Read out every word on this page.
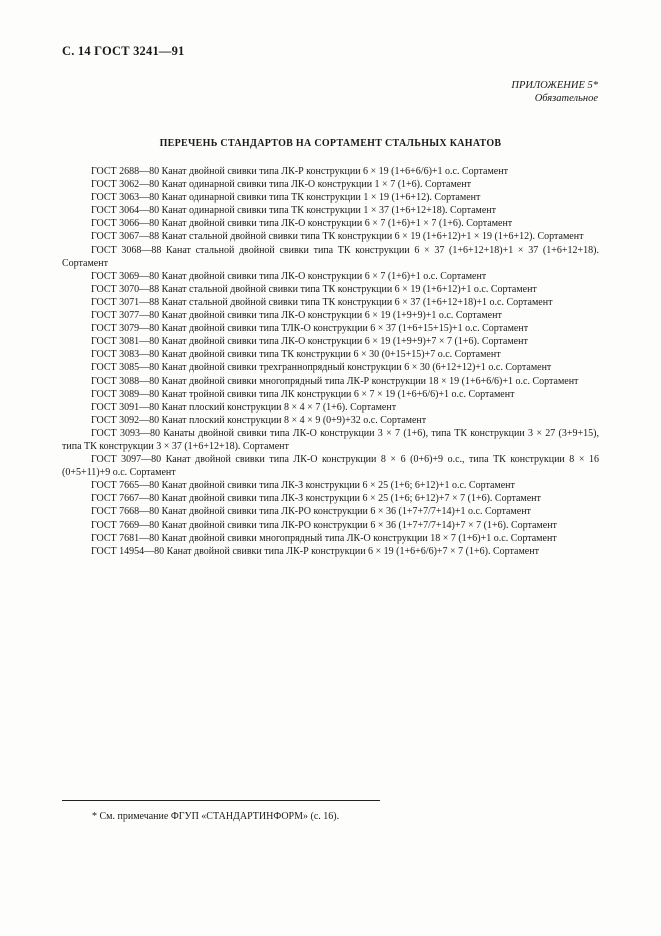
С. 14 ГОСТ 3241—91
ПРИЛОЖЕНИЕ 5*
Обязательное
ПЕРЕЧЕНЬ СТАНДАРТОВ НА СОРТАМЕНТ СТАЛЬНЫХ КАНАТОВ
ГОСТ 2688—80 Канат двойной свивки типа ЛК-Р конструкции 6 × 19 (1+6+6/6)+1 о.с. Сортамент
ГОСТ 3062—80 Канат одинарной свивки типа ЛК-О конструкции 1 × 7 (1+6). Сортамент
ГОСТ 3063—80 Канат одинарной свивки типа ТК конструкции 1 × 19 (1+6+12). Сортамент
ГОСТ 3064—80 Канат одинарной свивки типа ТК конструкции 1 × 37 (1+6+12+18). Сортамент
ГОСТ 3066—80 Канат двойной свивки типа ЛК-О конструкции 6 × 7 (1+6)+1 × 7 (1+6). Сортамент
ГОСТ 3067—88 Канат стальной двойной свивки типа ТК конструкции 6 × 19 (1+6+12)+1 × 19 (1+6+12). Сортамент
ГОСТ 3068—88 Канат стальной двойной свивки типа ТК конструкции 6 × 37 (1+6+12+18)+1 × 37 (1+6+12+18). Сортамент
ГОСТ 3069—80 Канат двойной свивки типа ЛК-О конструкции 6 × 7 (1+6)+1 о.с. Сортамент
ГОСТ 3070—88 Канат стальной двойной свивки типа ТК конструкции 6 × 19 (1+6+12)+1 о.с. Сортамент
ГОСТ 3071—88 Канат стальной двойной свивки типа ТК конструкции 6 × 37 (1+6+12+18)+1 о.с. Сортамент
ГОСТ 3077—80 Канат двойной свивки типа ЛК-О конструкции 6 × 19 (1+9+9)+1 о.с. Сортамент
ГОСТ 3079—80 Канат двойной свивки типа ТЛК-О конструкции 6 × 37 (1+6+15+15)+1 о.с. Сортамент
ГОСТ 3081—80 Канат двойной свивки типа ЛК-О конструкции 6 × 19 (1+9+9)+7 × 7 (1+6). Сортамент
ГОСТ 3083—80 Канат двойной свивки типа ТК конструкции 6 × 30 (0+15+15)+7 о.с. Сортамент
ГОСТ 3085—80 Канат двойной свивки трехграннопрядный конструкции 6 × 30 (6+12+12)+1 о.с. Сортамент
ГОСТ 3088—80 Канат двойной свивки многопрядный типа ЛК-Р конструкции 18 × 19 (1+6+6/6)+1 о.с. Сортамент
ГОСТ 3089—80 Канат тройной свивки типа ЛК конструкции 6 × 7 × 19 (1+6+6/6)+1 о.с. Сортамент
ГОСТ 3091—80 Канат плоский конструкции 8 × 4 × 7 (1+6). Сортамент
ГОСТ 3092—80 Канат плоский конструкции 8 × 4 × 9 (0+9)+32 о.с. Сортамент
ГОСТ 3093—80 Канаты двойной свивки типа ЛК-О конструкции 3 × 7 (1+6), типа ТК конструкции 3 × 27 (3+9+15), типа ТК конструкции 3 × 37 (1+6+12+18). Сортамент
ГОСТ 3097—80 Канат двойной свивки типа ЛК-О конструкции 8 × 6 (0+6)+9 о.с., типа ТК конструкции 8 × 16 (0+5+11)+9 о.с. Сортамент
ГОСТ 7665—80 Канат двойной свивки типа ЛК-З конструкции 6 × 25 (1+6; 6+12)+1 о.с. Сортамент
ГОСТ 7667—80 Канат двойной свивки типа ЛК-З конструкции 6 × 25 (1+6; 6+12)+7 × 7 (1+6). Сортамент
ГОСТ 7668—80 Канат двойной свивки типа ЛК-РО конструкции 6 × 36 (1+7+7/7+14)+1 о.с. Сортамент
ГОСТ 7669—80 Канат двойной свивки типа ЛК-РО конструкции 6 × 36 (1+7+7/7+14)+7 × 7 (1+6). Сортамент
ГОСТ 7681—80 Канат двойной свивки многопрядный типа ЛК-О конструкции 18 × 7 (1+6)+1 о.с. Сортамент
ГОСТ 14954—80 Канат двойной свивки типа ЛК-Р конструкции 6 × 19 (1+6+6/6)+7 × 7 (1+6). Сортамент
* См. примечание ФГУП «СТАНДАРТИНФОРМ» (с. 16).
